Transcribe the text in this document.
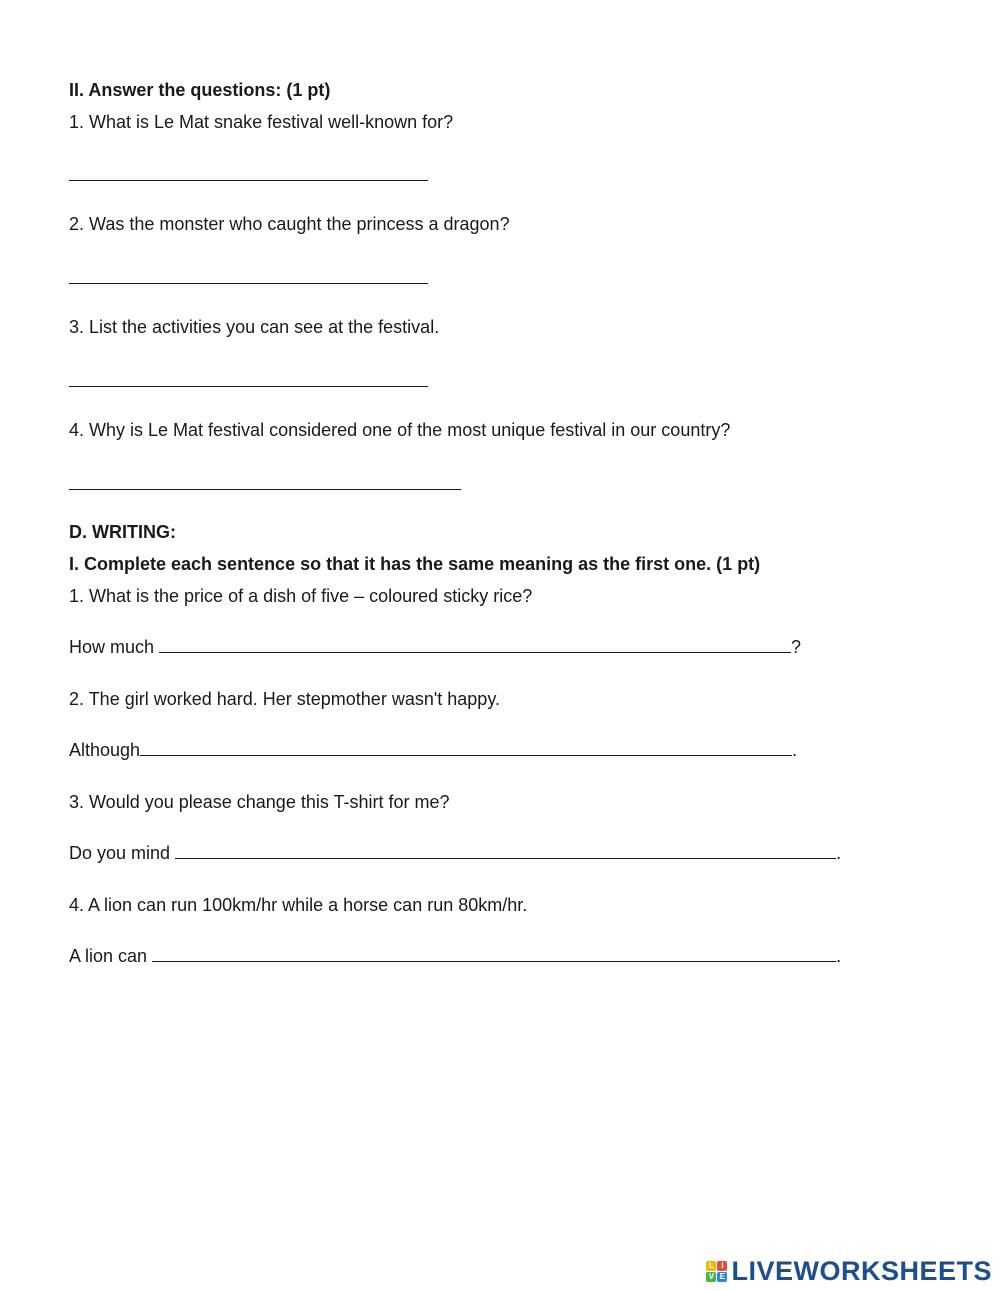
II. Answer the questions: (1 pt)
1. What is Le Mat snake festival well-known for?
2. Was the monster who caught the princess a dragon?
3. List the activities you can see at the festival.
4. Why is Le Mat festival considered one of the most unique festival in our country?
D. WRITING:
I. Complete each sentence so that it has the same meaning as the first one. (1 pt)
1. What is the price of a dish of five – coloured sticky rice?
How much	?
2. The girl worked hard. Her stepmother wasn't happy.
Although	.
3. Would you please change this T-shirt for me?
Do you mind	.
4. A lion can run 100km/hr while a horse can run 80km/hr.
A lion can	.
L I
V E LIVEWORKSHEETS
